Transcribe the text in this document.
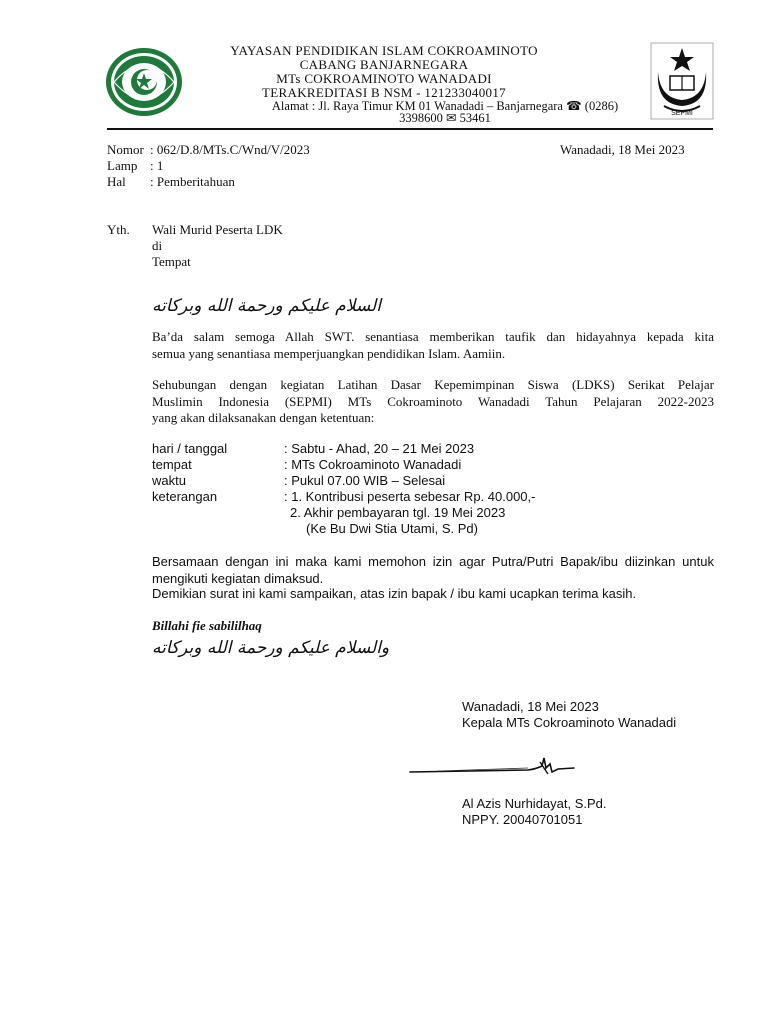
SEPMI
YAYASAN PENDIDIKAN ISLAM COKROAMINOTO
CABANG BANJARNEGARA
MTs COKROAMINOTO WANADADI
TERAKREDITASI B NSM - 121233040017
Alamat : Jl. Raya Timur KM 01 Wanadadi – Banjarnegara ☎ (0286)
3398600 ✉ 53461
Nomor : 062/D.8/MTs.C/Wnd/V/2023	Wanadadi, 18 Mei 2023
Lamp : 1
Hal : Pemberitahuan
Yth. Wali Murid Peserta LDK
di
Tempat
السلام عليكم ورحمة الله وبركاته
Ba’da salam semoga Allah SWT. senantiasa memberikan taufik dan hidayahnya kepada kita
semua yang senantiasa memperjuangkan pendidikan Islam. Aamiin.
Sehubungan dengan kegiatan Latihan Dasar Kepemimpinan Siswa (LDKS) Serikat Pelajar
Muslimin Indonesia (SEPMI) MTs Cokroaminoto Wanadadi Tahun Pelajaran 2022-2023
yang akan dilaksanakan dengan ketentuan:
hari / tanggal	: Sabtu - Ahad, 20 – 21 Mei 2023
tempat	: MTs Cokroaminoto Wanadadi
waktu	: Pukul 07.00 WIB – Selesai
keterangan	: 1. Kontribusi peserta sebesar Rp. 40.000,-
2. Akhir pembayaran tgl. 19 Mei 2023
(Ke Bu Dwi Stia Utami, S. Pd)
Bersamaan dengan ini maka kami memohon izin agar Putra/Putri Bapak/ibu diizinkan untuk
mengikuti kegiatan dimaksud.
Demikian surat ini kami sampaikan, atas izin bapak / ibu kami ucapkan terima kasih.
Billahi fie sabililhaq
والسلام عليكم ورحمة الله وبركاته
Wanadadi, 18 Mei 2023
Kepala MTs Cokroaminoto Wanadadi
Al Azis Nurhidayat, S.Pd.
NPPY. 20040701051
